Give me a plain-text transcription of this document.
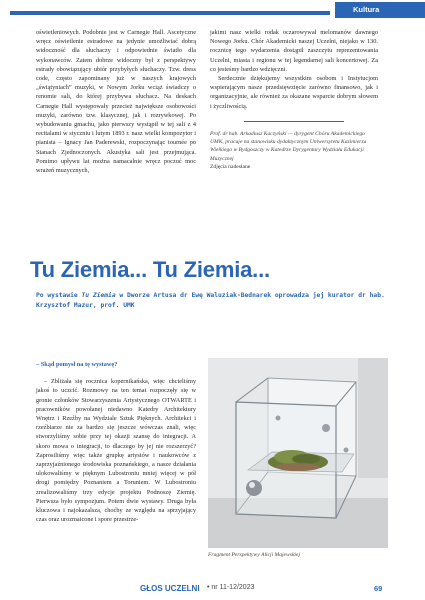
Kultura

oświetleniowych. Podobnie jest w Carnegie Hall. Ascetyczne wręcz oświetlenie estradowe na jedynie umożliwiać dobrą widoczność dla słuchaczy i odpowiednie światło dla wykonawców. Zatem dobrze widoczny był z perspektywy estrady obowiązujący ubiór przybyłych słuchaczy. Tzw. dress code, często zapominany już w naszych krajowych „świątyniach” muzyki, w Nowym Jorku wciąż świadczy o renomie sali, do której przybywa słuchacz. Na deskach Carnegie Hall występowały przecież największe osobowości muzyki, zarówno tzw. klasycznej, jak i rozrywkowej. Po wybudowaniu gmachu, jako pierwszy wystąpił w tej sali z 4 recitalami w styczniu i lutym 1893 r. nasz wielki kompozytor i pianista – Ignacy Jan Paderewski, rozpoczynając tournée po Stanach Zjednoczonych. Akustyka sali jest przejmująca. Pomimo upływu lat można namacalnie wręcz poczuć moc wrażeń muzycznych,

jakimi nasz wielki rodak oczarowywał melomanów dawnego Nowego Jorku. Chór Akademicki naszej Uczelni, niejako w 130. rocznicę tego wydarzenia dostąpił zaszczytu reprezentowania Uczelni, miasta i regionu w tej legendarnej sali koncertowej. Za co jesteśmy bardzo wdzięczni.

Serdecznie dziękujemy wszystkim osobom i Instytucjom wspierającym nasze przedsięwzięcie zarówno finansowo, jak i organizacyjnie, ale również za okazane wsparcie dobrym słowem i życzliwością.

Prof. dr hab. Arkadiusz Kaczyński — dyrygent Chóru Akademickiego UMK, pracuje na stanowisku dydaktycznym Uniwersytetu Kazimierza Wielkiego w Bydgoszczy w Katedrze Dyrygentury Wydziału Edukacji Muzycznej

Zdjęcia nadesłane

Tu Ziemia... Tu Ziemia...
Po wystawie Tu Ziemia w Dworze Artusa dr Ewę Waluziak-Bednarek oprowadza jej kurator dr hab. Krzysztof Mazur, prof. UMK

– Skąd pomysł na tę wystawę?

– Zbliżała się rocznica kopernikańska, więc chcieliśmy jakoś to uczcić. Rozmowy na ten temat rozpoczęły się w gronie członków Stowarzyszenia Artystycznego OTWARTE i pracowników powołanej niedawno Katedry Architektury Wnętrz i Rzeźby na Wydziale Sztuk Pięknych. Architekci i rzeźbiarze nie za bardzo się jeszcze wówczas znali, więc stworzyliśmy sobie przy tej okazji szansę do integracji. A skoro mowa o integracji, to dlaczego by jej nie rozszerzyć? Zaprosiliśmy więc także grupkę artystów i naukowców z zaprzyjaźnionego środowiska poznańskiego, a nasze działania ulokowaliśmy w pięknym Lubostroniu mniej więcej w pół drogi pomiędzy Poznaniem a Toruniem. W Lubostroniu zrealizowaliśmy trzy edycje projektu Podnoszę Ziemię. Pierwsza było sympozjum. Potem dwie wystawy. Druga była kluczowa i najokazalsza, choćby ze względu na sprzyjający czas oraz urozmaicone i spore przestrze-

Fragment Perspektywy Alicji Majewskiej
GŁOS UCZELNI • nr 11-12/2023	69
